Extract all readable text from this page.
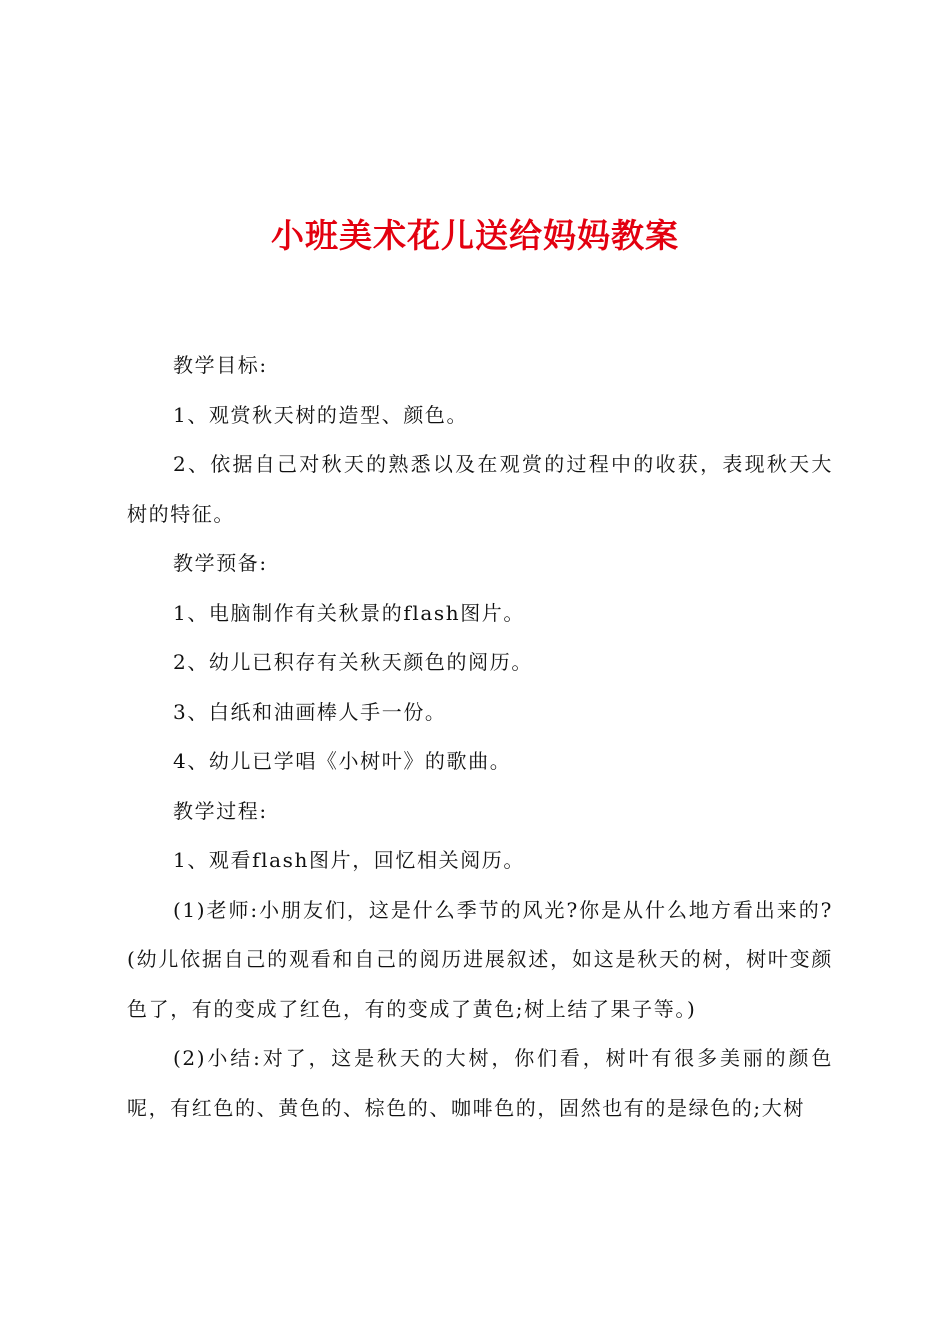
小班美术花儿送给妈妈教案

教学目标:

1、观赏秋天树的造型、颜色。

2、依据自己对秋天的熟悉以及在观赏的过程中的收获，表现秋天大树的特征。

教学预备:

1、电脑制作有关秋景的flash图片。

2、幼儿已积存有关秋天颜色的阅历。

3、白纸和油画棒人手一份。

4、幼儿已学唱《小树叶》的歌曲。

教学过程:

1、观看flash图片，回忆相关阅历。

(1)老师:小朋友们，这是什么季节的风光?你是从什么地方看出来的?(幼儿依据自己的观看和自己的阅历进展叙述，如这是秋天的树，树叶变颜色了，有的变成了红色，有的变成了黄色;树上结了果子等。)

(2)小结:对了，这是秋天的大树，你们看，树叶有很多美丽的颜色呢，有红色的、黄色的、棕色的、咖啡色的，固然也有的是绿色的;大树
